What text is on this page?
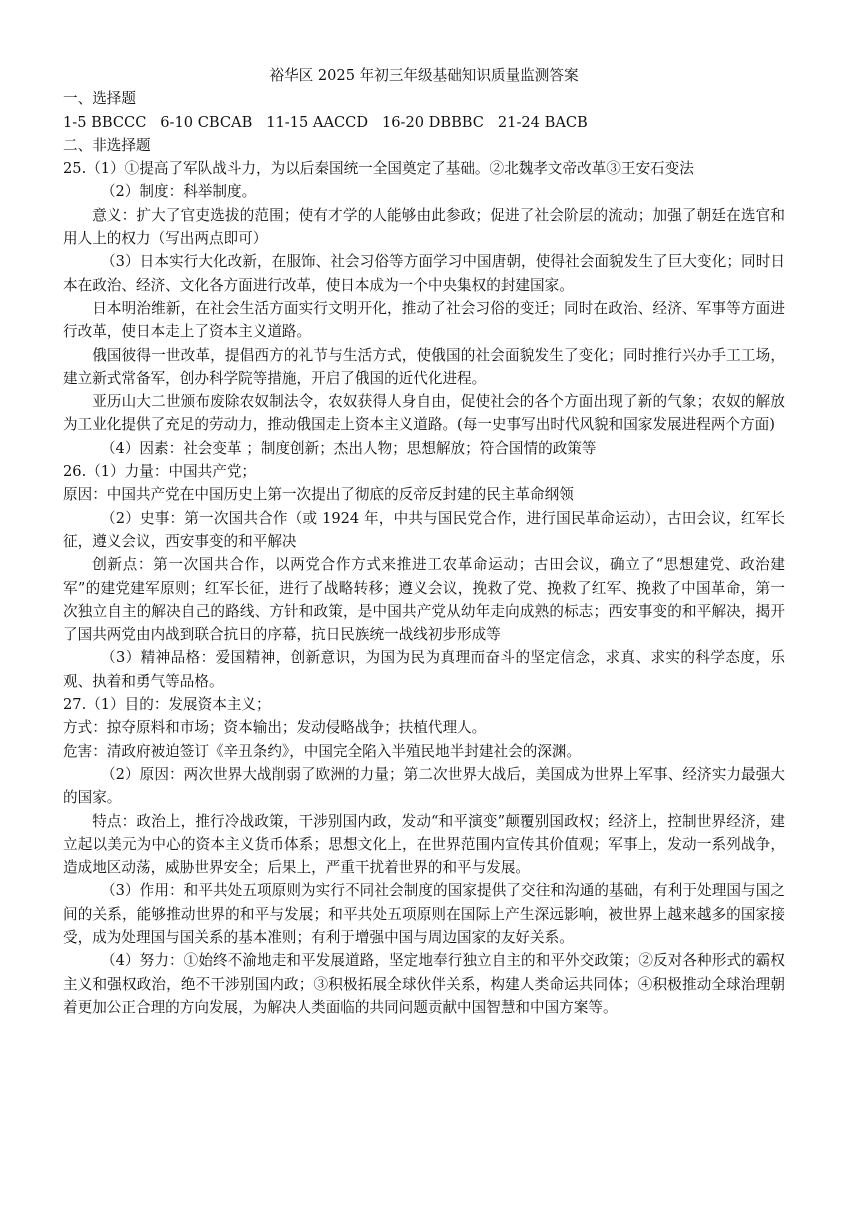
裕华区 2025 年初三年级基础知识质量监测答案

一、选择题

1-5 BBCCC   6-10 CBCAB   11-15 AACCD   16-20 DBBBC   21-24 BACB

二、非选择题

25.（1）①提高了军队战斗力，为以后秦国统一全国奠定了基础。②北魏孝文帝改革③王安石变法

（2）制度：科举制度。

意义：扩大了官吏选拔的范围；使有才学的人能够由此参政；促进了社会阶层的流动；加强了朝廷在选官和用人上的权力（写出两点即可）

（3）日本实行大化改新，在服饰、社会习俗等方面学习中国唐朝，使得社会面貌发生了巨大变化；同时日本在政治、经济、文化各方面进行改革，使日本成为一个中央集权的封建国家。

日本明治维新，在社会生活方面实行文明开化，推动了社会习俗的变迁；同时在政治、经济、军事等方面进行改革，使日本走上了资本主义道路。

俄国彼得一世改革，提倡西方的礼节与生活方式，使俄国的社会面貌发生了变化；同时推行兴办手工工场，建立新式常备军，创办科学院等措施，开启了俄国的近代化进程。

亚历山大二世颁布废除农奴制法令，农奴获得人身自由，促使社会的各个方面出现了新的气象；农奴的解放为工业化提供了充足的劳动力，推动俄国走上资本主义道路。(每一史事写出时代风貌和国家发展进程两个方面)

（4）因素：社会变革 ；制度创新；杰出人物；思想解放；符合国情的政策等

26.（1）力量：中国共产党；

原因：中国共产党在中国历史上第一次提出了彻底的反帝反封建的民主革命纲领

（2）史事：第一次国共合作（或 1924 年，中共与国民党合作，进行国民革命运动），古田会议，红军长征，遵义会议，西安事变的和平解决

创新点：第一次国共合作，以两党合作方式来推进工农革命运动；古田会议，确立了“思想建党、政治建军”的建党建军原则；红军长征，进行了战略转移；遵义会议，挽救了党、挽救了红军、挽救了中国革命，第一次独立自主的解决自己的路线、方针和政策，是中国共产党从幼年走向成熟的标志；西安事变的和平解决，揭开了国共两党由内战到联合抗日的序幕，抗日民族统一战线初步形成等

（3）精神品格：爱国精神，创新意识，为国为民为真理而奋斗的坚定信念，求真、求实的科学态度，乐观、执着和勇气等品格。

27.（1）目的：发展资本主义；

方式：掠夺原料和市场；资本输出；发动侵略战争；扶植代理人。

危害：清政府被迫签订《辛丑条约》，中国完全陷入半殖民地半封建社会的深渊。

（2）原因：两次世界大战削弱了欧洲的力量；第二次世界大战后，美国成为世界上军事、经济实力最强大的国家。

特点：政治上，推行冷战政策，干涉别国内政，发动“和平演变”颠覆别国政权；经济上，控制世界经济，建立起以美元为中心的资本主义货币体系；思想文化上，在世界范围内宣传其价值观；军事上，发动一系列战争，造成地区动荡，威胁世界安全；后果上，严重干扰着世界的和平与发展。

（3）作用：和平共处五项原则为实行不同社会制度的国家提供了交往和沟通的基础，有利于处理国与国之间的关系，能够推动世界的和平与发展；和平共处五项原则在国际上产生深远影响，被世界上越来越多的国家接受，成为处理国与国关系的基本准则；有利于增强中国与周边国家的友好关系。

（4）努力：①始终不渝地走和平发展道路，坚定地奉行独立自主的和平外交政策；②反对各种形式的霸权主义和强权政治，绝不干涉别国内政；③积极拓展全球伙伴关系，构建人类命运共同体；④积极推动全球治理朝着更加公正合理的方向发展，为解决人类面临的共同问题贡献中国智慧和中国方案等。
